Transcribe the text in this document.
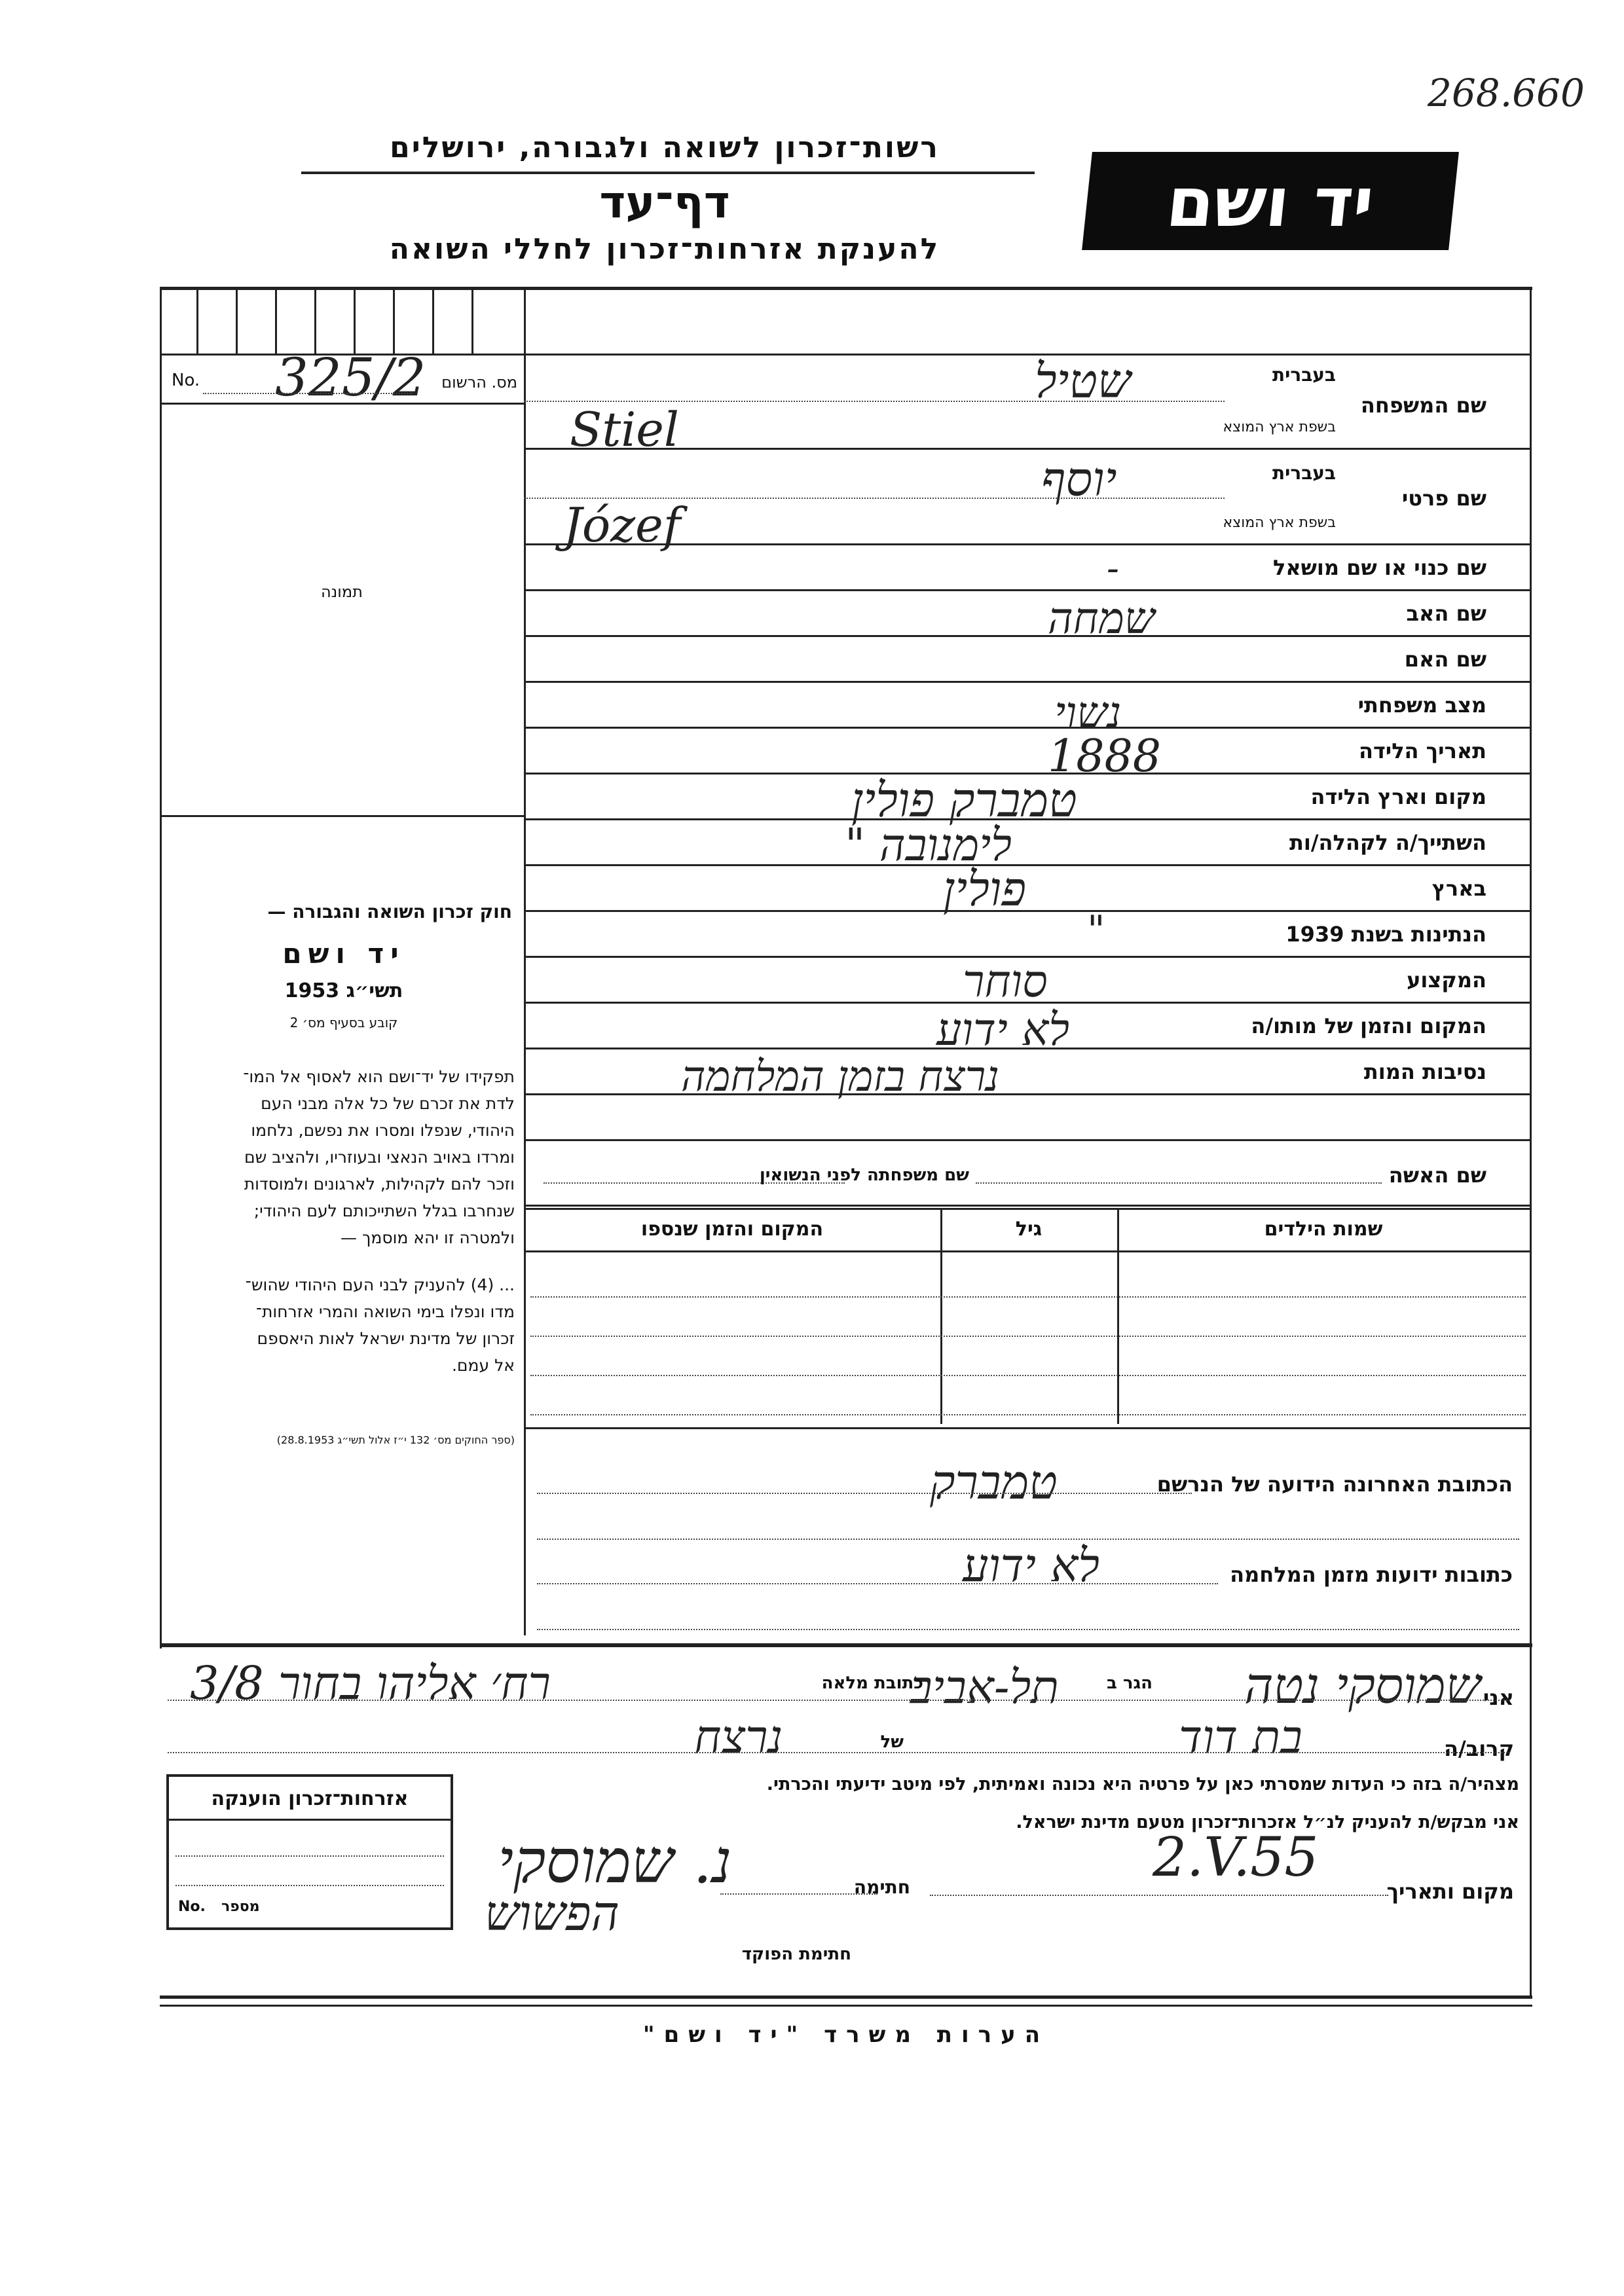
268.660
יד ושם
רשות־זכרון לשואה ולגבורה, ירושלים
דף־עד
להענקת אזרחות־זכרון לחללי השואה
No. 325/2 מס. הרשום
תמונה
שם המשפחה
בעברית
בשפת ארץ המוצא
שטיל
Stiel
שם פרטי
בעברית
בשפת ארץ המוצא
יוסף
Józef
שם כנוי או שם מושאל
-
שם האב
שמחה
שם האם
מצב משפחתי
נשוי
תאריך הלידה
1888
מקום וארץ הלידה
טמברק פולין
השתייך/ה לקהלה/ות
לימנובה "
בארץ
פולין
הנתינות בשנת 1939
"
המקצוע
סוחר
המקום והזמן של מותו/ה
לא ידוע
נסיבות המות
נרצח בזמן המלחמה
חוק זכרון השואה והגבורה —
יד ושם
תשי״ג 1953
קובע בסעיף מס׳ 2
תפקידו של יד־ושם הוא לאסוף אל המו־
לדת את זכרם של כל אלה מבני העם
היהודי, שנפלו ומסרו את נפשם, נלחמו
ומרדו באויב הנאצי ובעוזריו, ולהציב שם
וזכר להם לקהילות, לארגונים ולמוסדות
שנחרבו בגלל השתייכותם לעם היהודי;
ולמטרה זו יהא מוסמך —
... (4) להעניק לבני העם היהודי שהוש־
מדו ונפלו בימי השואה והמרי אזרחות־
זכרון של מדינת ישראל לאות היאספם
אל עמם.
(ספר החוקים מס׳ 132 י״ז אלול תשי״ג 28.8.1953)
שם האשה
שם משפחתה לפני הנשואין
שמות הילדים
גיל
המקום והזמן שנספו
הכתובת האחרונה הידועה של הנרשם
טמברק
כתובות ידועות מזמן המלחמה
לא ידוע
אני
שמוסקי נטה
הגר ב
תל-אביב
כתובת מלאה
רח׳ אליהו בחור 3/8
קרוב/ה
בת דוד
של
נרצח
מצהיר/ה בזה כי העדות שמסרתי כאן על פרטיה היא נכונה ואמיתית, לפי מיטב ידיעתי והכרתי.
אני מבקש/ת להעניק לנ״ל אזכרות־זכרון מטעם מדינת ישראל.
מקום ותאריך
2.V.55
חתימה
נ. שמוסקי
חתימת הפוקד
הפשוש
אזרחות־זכרון הוענקה
No. מספר
הערות משרד "יד ושם"
